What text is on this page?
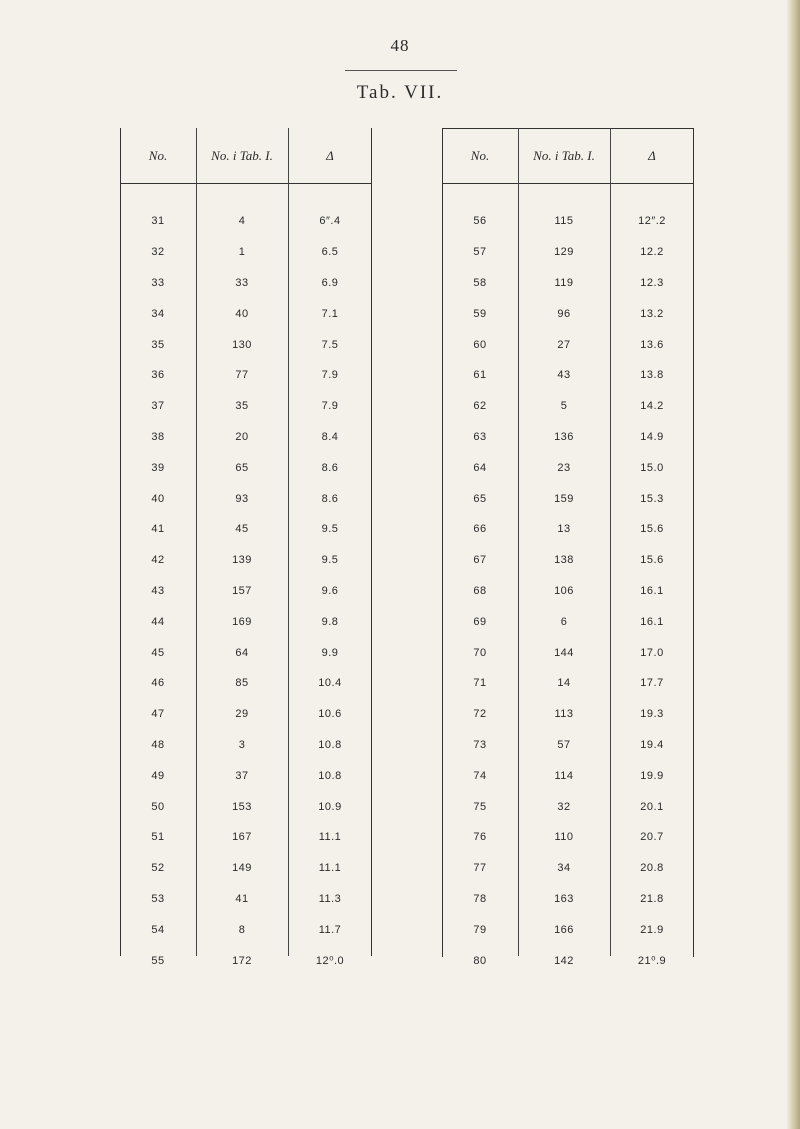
48
Tab. VII.
No.	No. i Tab. I.	Δ
31	4	6″.4
32	1	6.5
33	33	6.9
34	40	7.1
35	130	7.5
36	77	7.9
37	35	7.9
38	20	8.4
39	65	8.6
40	93	8.6
41	45	9.5
42	139	9.5
43	157	9.6
44	169	9.8
45	64	9.9
46	85	10.4
47	29	10.6
48	3	10.8
49	37	10.8
50	153	10.9
51	167	11.1
52	149	11.1
53	41	11.3
54	8	11.7
55	172	12⁰.0
No.	No. i Tab. I.	Δ
56	115	12″.2
57	129	12.2
58	119	12.3
59	96	13.2
60	27	13.6
61	43	13.8
62	5	14.2
63	136	14.9
64	23	15.0
65	159	15.3
66	13	15.6
67	138	15.6
68	106	16.1
69	6	16.1
70	144	17.0
71	14	17.7
72	113	19.3
73	57	19.4
74	114	19.9
75	32	20.1
76	110	20.7
77	34	20.8
78	163	21.8
79	166	21.9
80	142	21⁰.9
